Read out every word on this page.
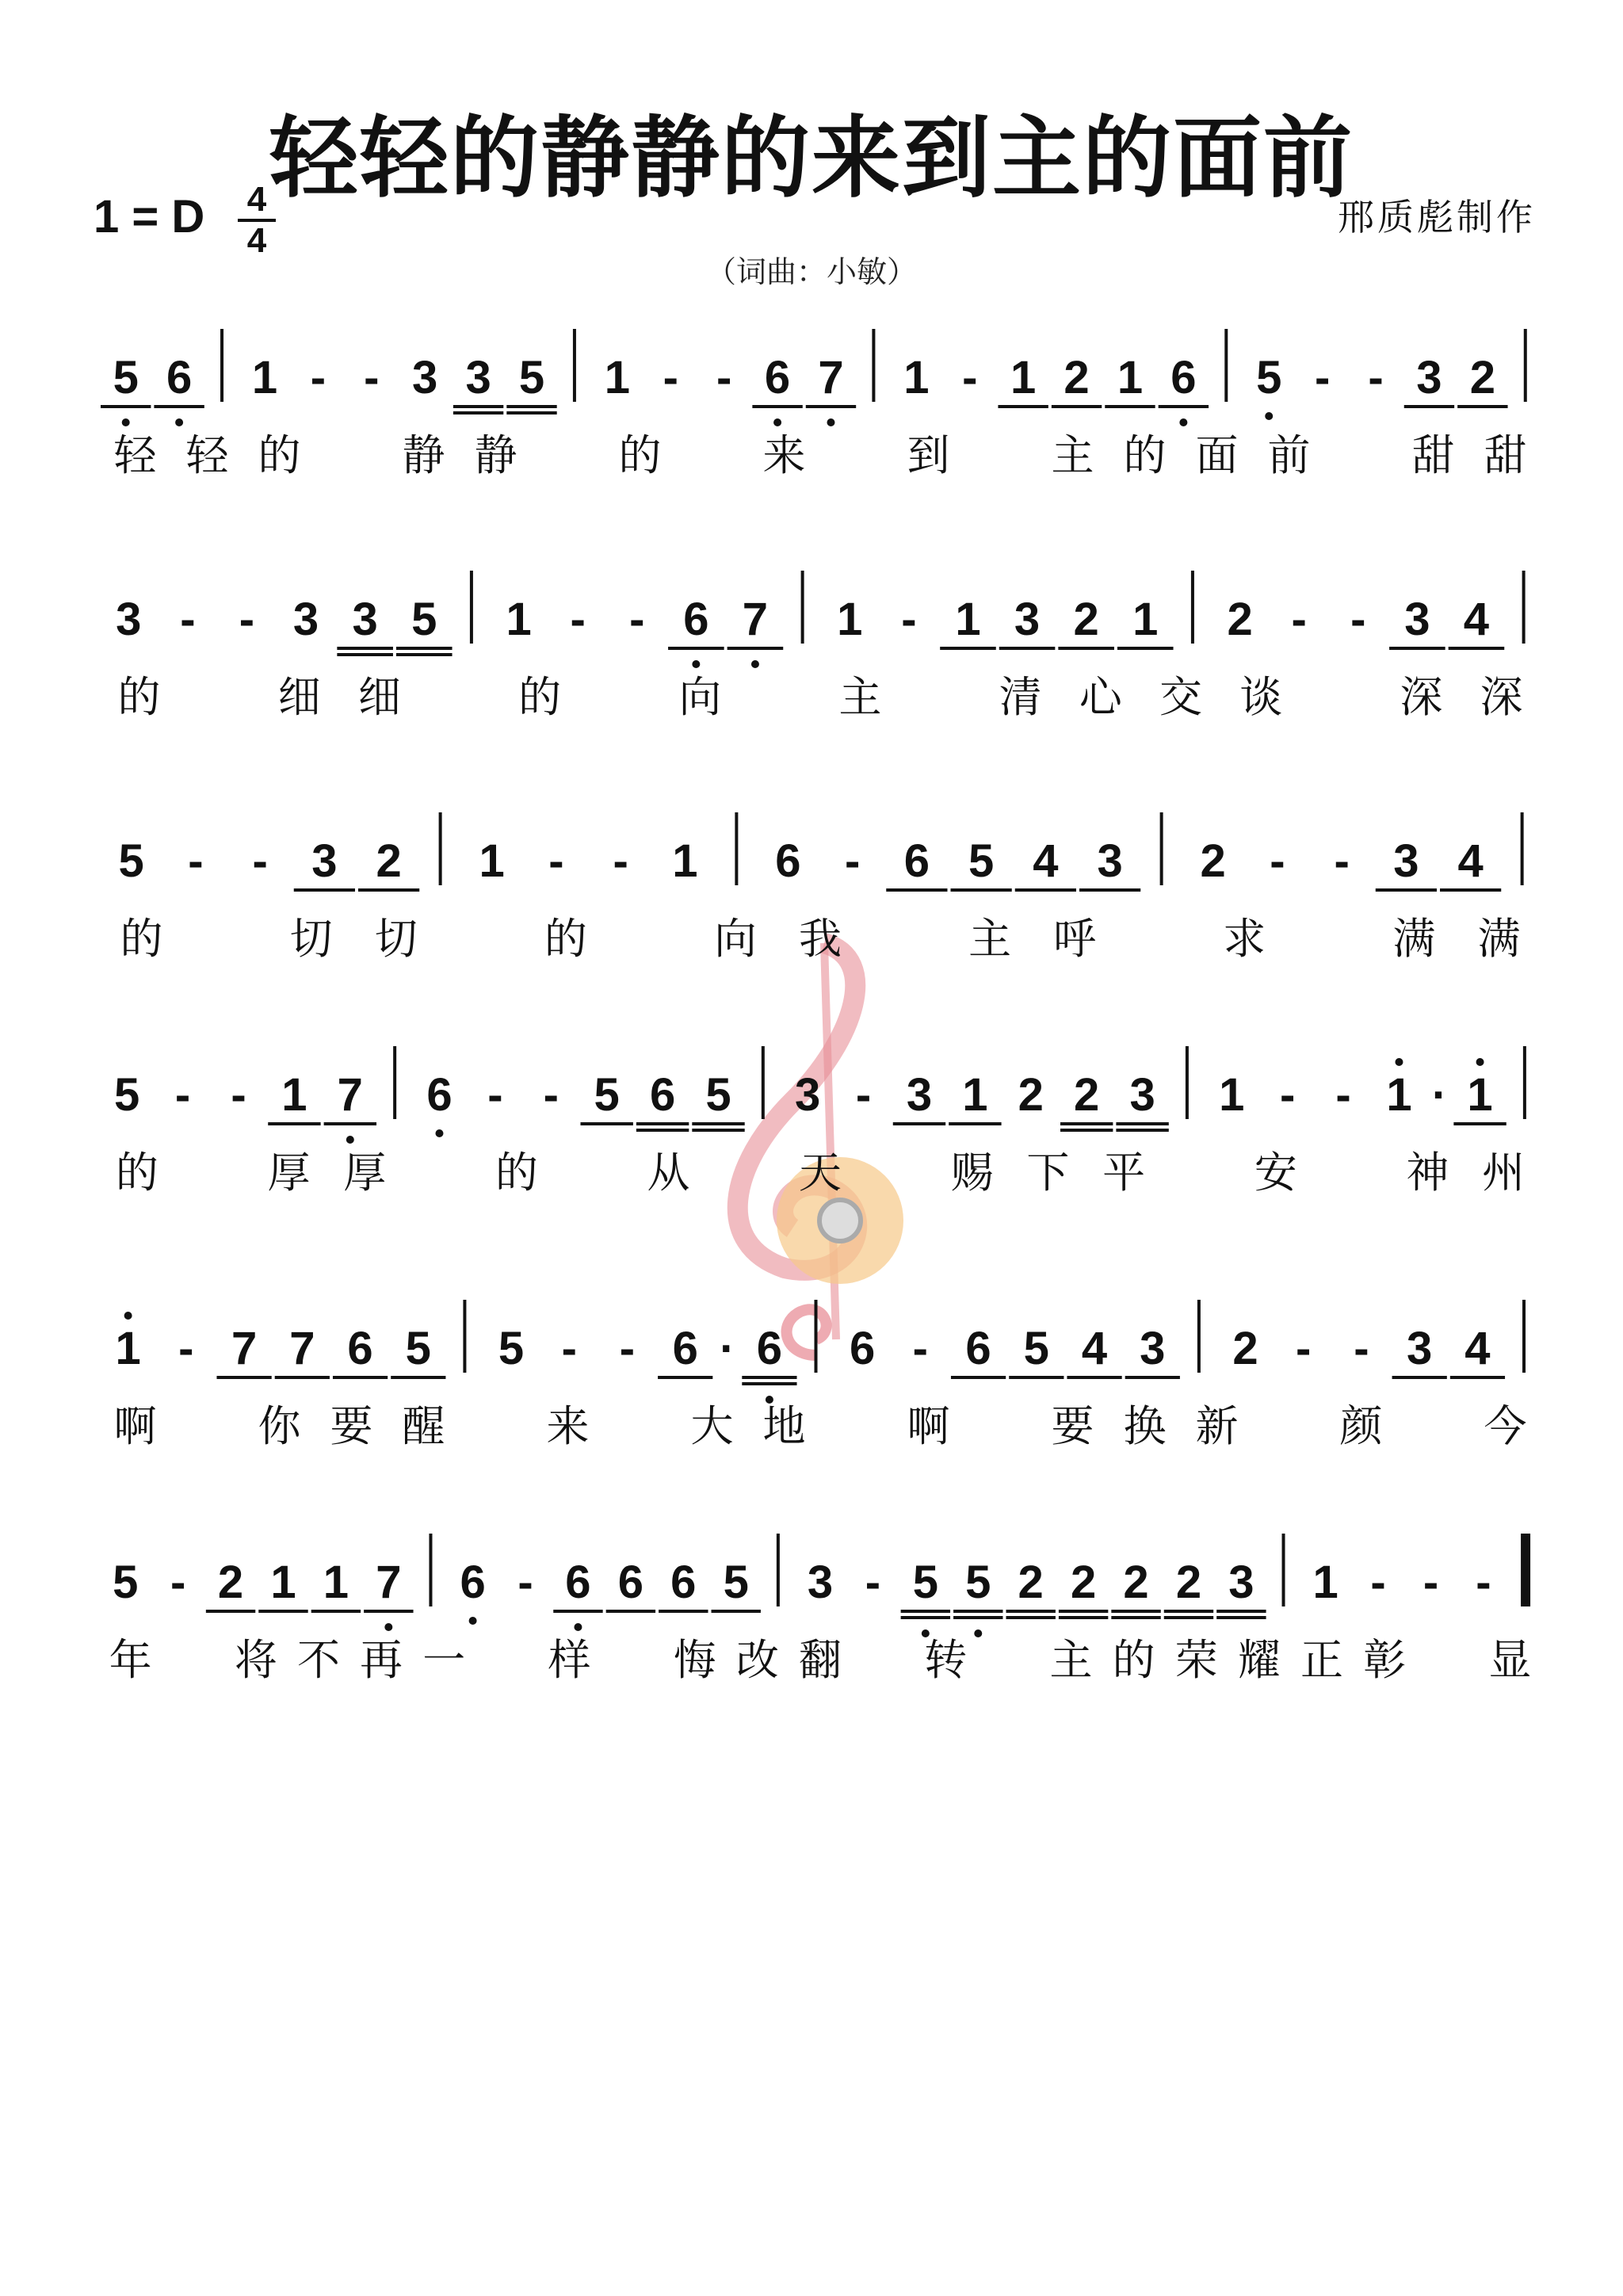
轻轻的静静的来到主的面前
1 = D 4
4
邢质彪制作
（词曲：小敏）
5 6 1 - - 3 3 5 1 - - 6 7 1 - 1 2 1 6 5 - - 3 2
轻 轻 的 静 静 的 来 到 主 的 面 前 甜 甜
3 - - 3 3 5 1 - - 6 7 1 - 1 3 2 1 2 - - 3 4
的	细 细	的	向	主	清 心 交 谈	深 深
5 - - 3 2 1 - - 1 6 - 6 5 4 3 2 - - 3 4
的	切 切	的	向 我	主 呼	求	满 满
5 - - 1 7 6 - - 5 6 5 3 - 3 1 2 2 3 1 - - 1 · 1
的	厚 厚	的	从	天	赐 下 平	安	神 州
1 - 7 7 6 5 5 - - 6 · 6 6 - 6 5 4 3 2 - - 3 4
啊 你 要 醒 来 大 地 啊 要 换 新 颜 今
5 - 2 1 1 7 6 - 6 6 6 5 3 - 5 5 2 2 2 2 3 1 - - -
年 将 不 再 一 样 悔 改 翻 转 主 的 荣 耀 正 彰 显
